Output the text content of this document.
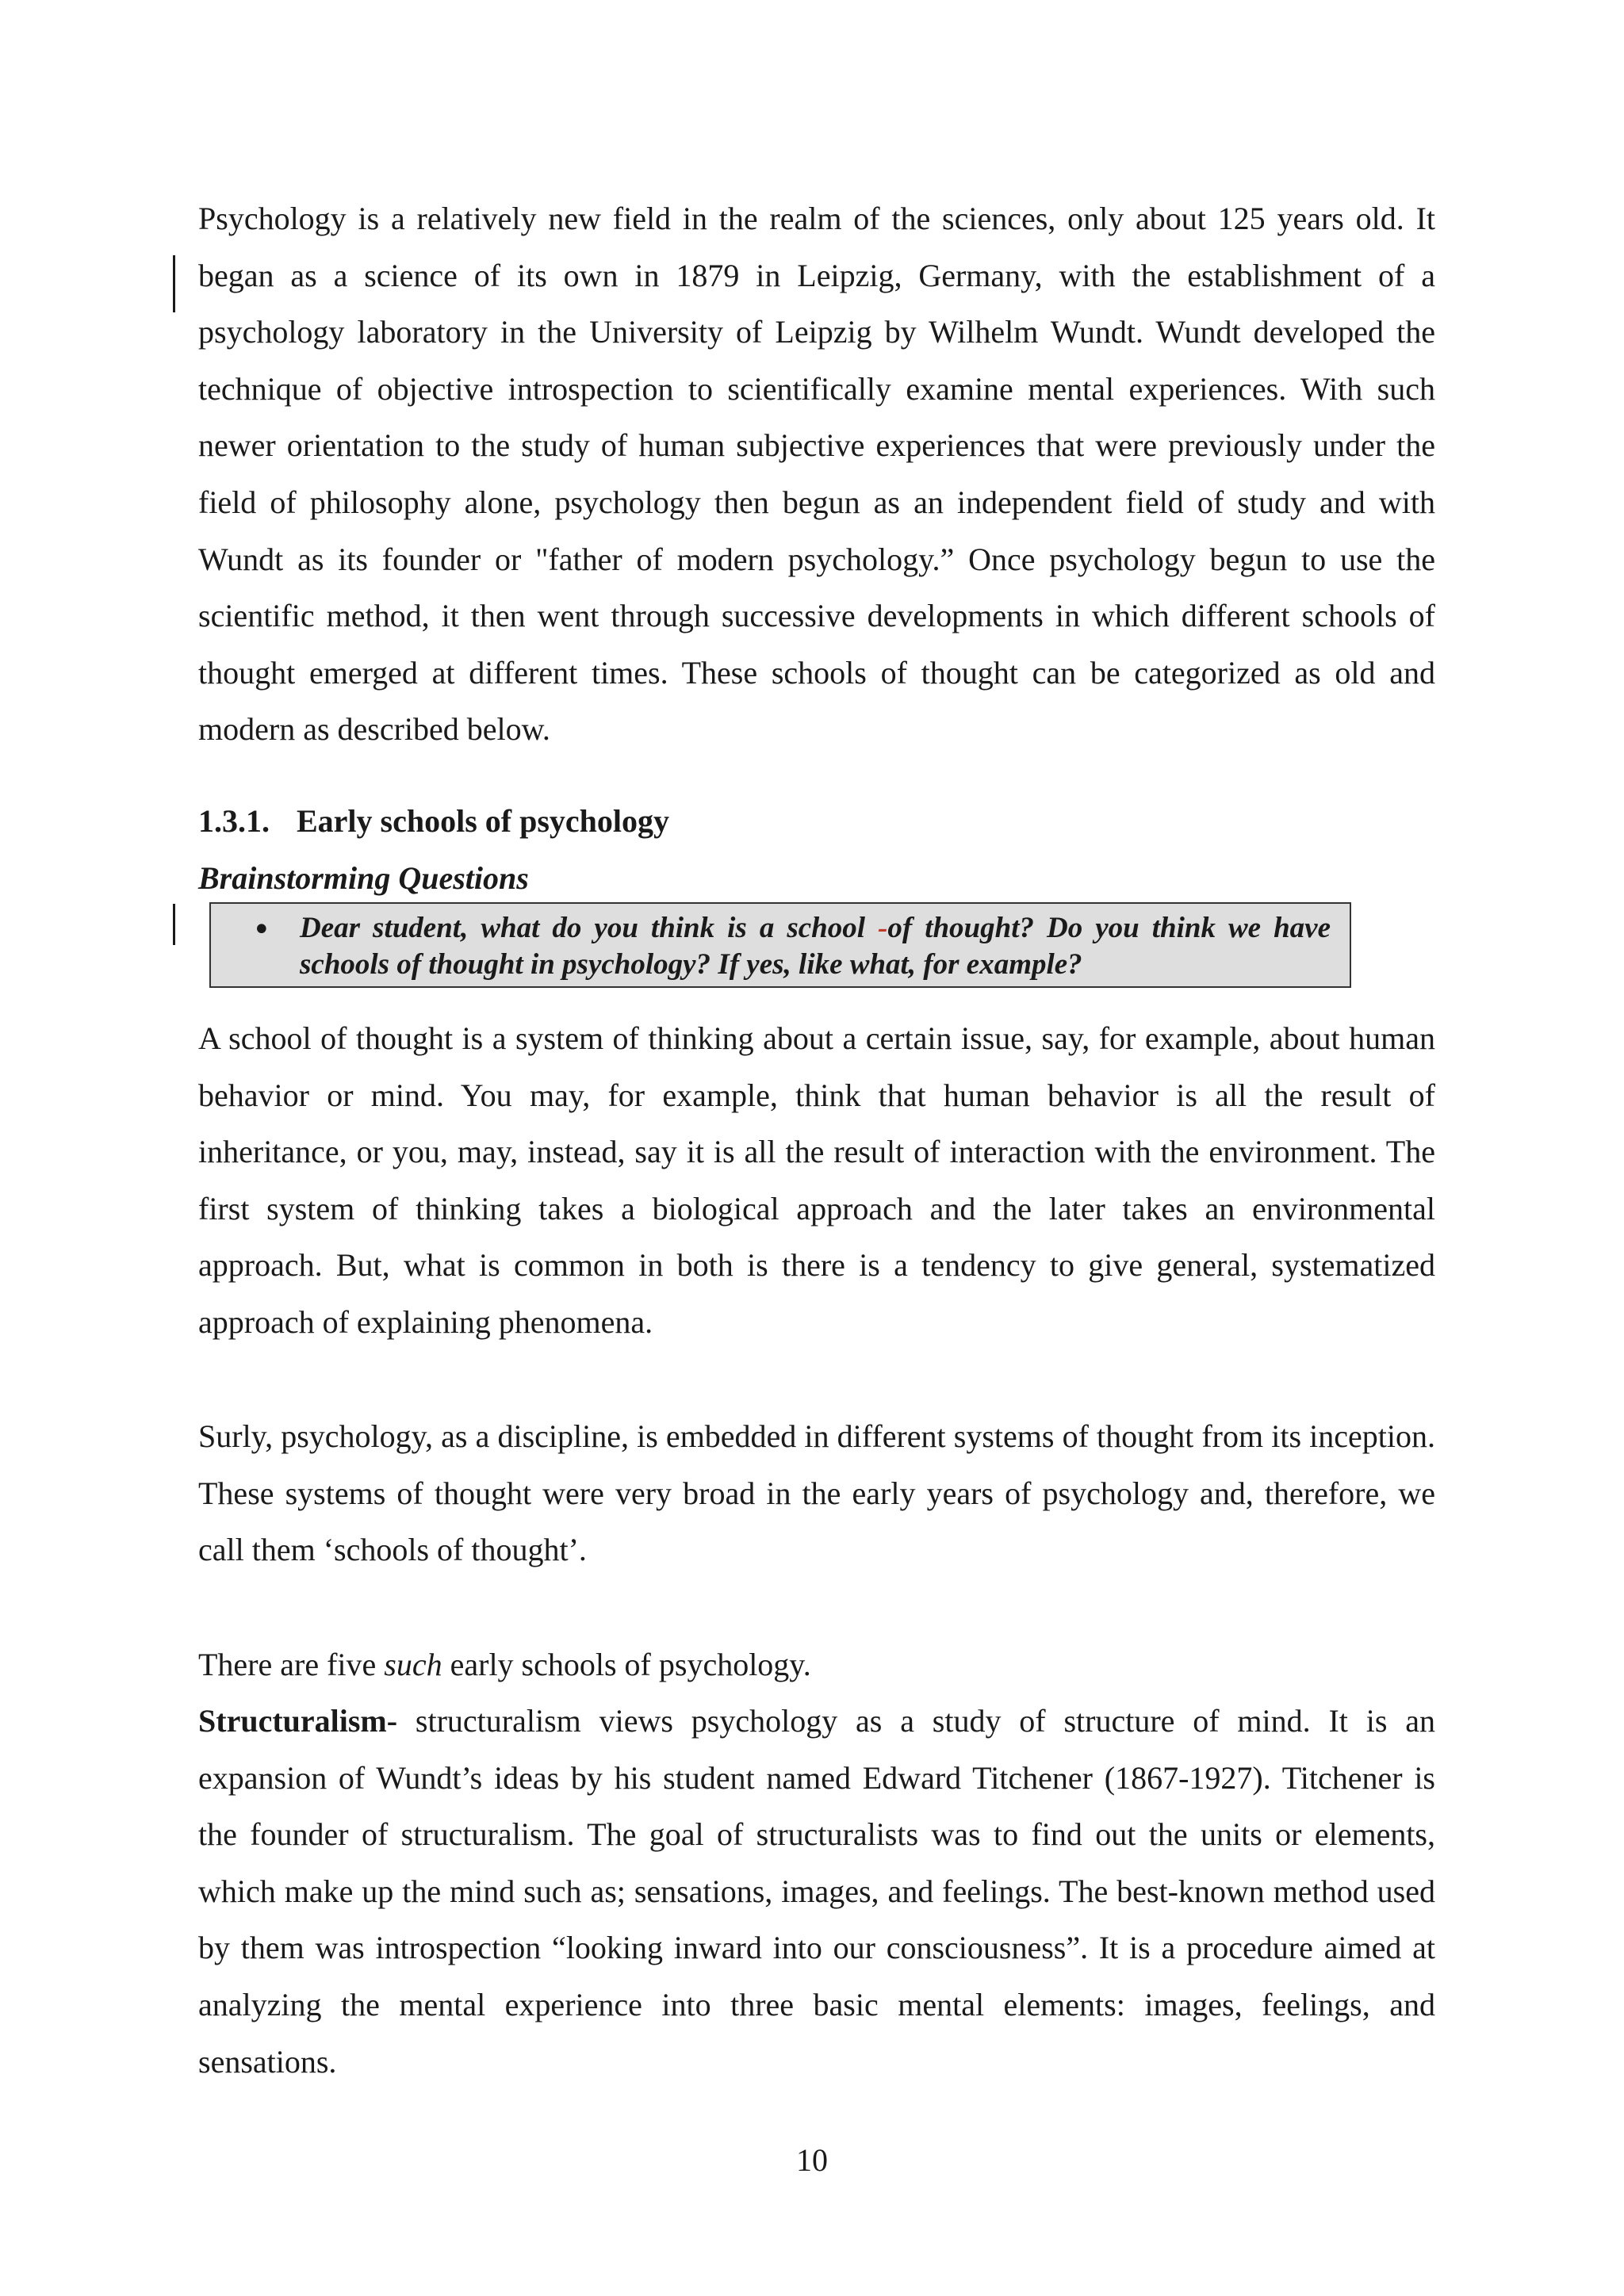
Psychology is a relatively new field in the realm of the sciences, only about 125 years old. It began as a science of its own in 1879 in Leipzig, Germany, with the establishment of a psychology laboratory in the University of Leipzig by Wilhelm Wundt. Wundt developed the technique of objective introspection to scientifically examine mental experiences. With such newer orientation to the study of human subjective experiences that were previously under the field of philosophy alone, psychology then begun as an independent field of study and with Wundt as its founder or "father of modern psychology.” Once psychology begun to use the scientific method, it then went through successive developments in which different schools of thought emerged at different times. These schools of thought can be categorized as old and modern as described below.

1.3.1. Early schools of psychology

Brainstorming Questions

• Dear student, what do you think is a school -of thought? Do you think we have schools of thought in psychology? If yes, like what, for example?

A school of thought is a system of thinking about a certain issue, say, for example, about human behavior or mind. You may, for example, think that human behavior is all the result of inheritance, or you, may, instead, say it is all the result of interaction with the environment. The first system of thinking takes a biological approach and the later takes an environmental approach. But, what is common in both is there is a tendency to give general, systematized approach of explaining phenomena.

Surly, psychology, as a discipline, is embedded in different systems of thought from its inception. These systems of thought were very broad in the early years of psychology and, therefore, we call them ‘schools of thought’.

There are five such early schools of psychology.

Structuralism- structuralism views psychology as a study of structure of mind. It is an expansion of Wundt’s ideas by his student named Edward Titchener (1867-1927). Titchener is the founder of structuralism. The goal of structuralists was to find out the units or elements, which make up the mind such as; sensations, images, and feelings. The best-known method used by them was introspection “looking inward into our consciousness”. It is a procedure aimed at analyzing the mental experience into three basic mental elements: images, feelings, and sensations.

10
